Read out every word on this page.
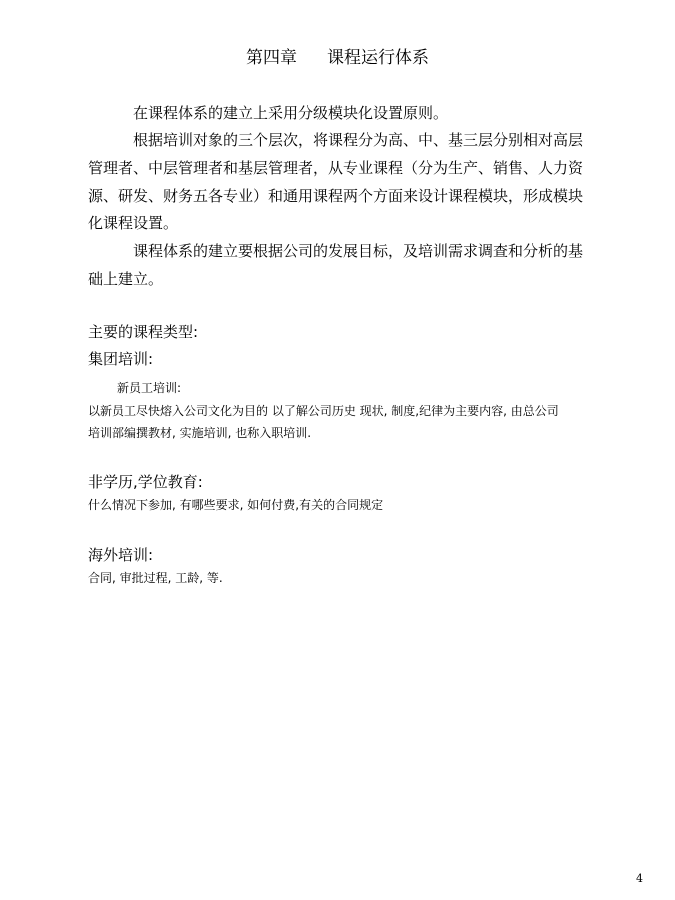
第四章 课程运行体系
在课程体系的建立上采用分级模块化设置原则。
根据培训对象的三个层次，将课程分为高、中、基三层分别相对高层
管理者、中层管理者和基层管理者，从专业课程（分为生产、销售、人力资
源、研发、财务五各专业）和通用课程两个方面来设计课程模块，形成模块
化课程设置。
课程体系的建立要根据公司的发展目标，及培训需求调查和分析的基
础上建立。
主要的课程类型:
集团培训:
新员工培训:
以新员工尽快熔入公司文化为目的 以了解公司历史 现状, 制度,纪律为主要内容, 由总公司
培训部编撰教材, 实施培训, 也称入职培训.
非学历,学位教育:
什么情况下参加, 有哪些要求, 如何付费,有关的合同规定
海外培训:
合同, 审批过程, 工龄, 等.
4
